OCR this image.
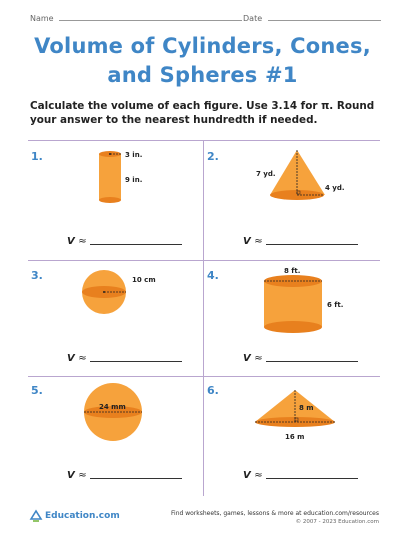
Name	Date
Volume of Cylinders, Cones,
and Spheres #1
Calculate the volume of each figure. Use 3.14 for π. Round your answer to the nearest hundredth if needed.
1.	2.
3.	4.
5.	6.
3 in.
9 in.
7 yd.
4 yd.
10 cm
8 ft.
6 ft.
24 mm	8 m
16 m
V ≈	V ≈
V ≈	V ≈
V ≈	V ≈
Education.com	Find worksheets, games, lessons & more at education.com/resources
© 2007 - 2023 Education.com
